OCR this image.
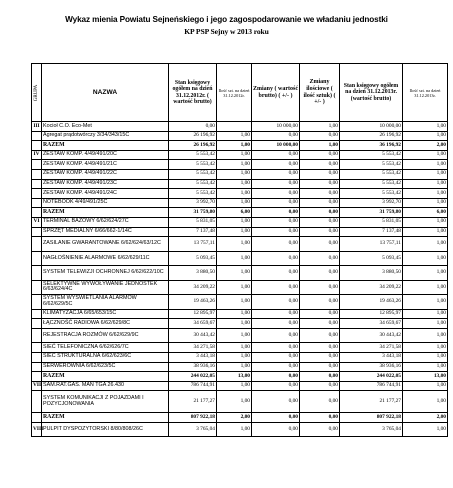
Wykaz mienia Powiatu Sejneńskiego i jego zagospodarowanie we władaniu jednostki
KP PSP Sejny w 2013 roku
GRUPA	NAZWA	Stan księgowy ogółem na dzień 31.12.2012r. ( wartość brutto)	Ilość szt. na dzień 31.12.2012r.	Zmiany ( wartość brutto) ( +/- )	Zmiany ilościowe ( ilość sztuk) ( +/- )	Stan księgowy ogółem na dzień 31.12.2013r. (wartość brutto)	Ilość szt. na dzień 31.12.2013r.
III	Kocioł C.O. Eco-Met	0,00		10 000,00	1,00	10 000,00	1,00
	Agregat prądotwórczy 3/34/343/15C	26 196,92	1,00	0,00	0,00	26 196,92	1,00
	RAZEM	26 196,92	1,00	10 000,00	1,00	36 196,92	2,00
IV	ZESTAW KOMP. 4/49/491/20C	5 553,42	1,00	0,00	0,00	5 553,42	1,00
	ZESTAW KOMP. 4/49/491/21C	5 553,42	1,00	0,00	0,00	5 553,42	1,00
	ZESTAW KOMP. 4/49/491/22C	5 553,42	1,00	0,00	0,00	5 553,42	1,00
	ZESTAW KOMP. 4/49/491/23C	5 553,42	1,00	0,00	0,00	5 553,42	1,00
	ZESTAW KOMP. 4/49/491/24C	5 553,42	1,00	0,00	0,00	5 553,42	1,00
	NOTEBOOK 4/49/491/25C	3 992,70	1,00	0,00	0,00	3 992,70	1,00
	RAZEM	31 759,80	6,00	0,00	0,00	31 759,80	6,00
VI	TERMINAL BAZOWY 6/62/624/27C	5 831,05	1,00	0,00	0,00	5 831,05	1,00
	SPRZĘT MEDIALNY 6/66/662-1/14C	7 137,48	1,00	0,00	0,00	7 137,48	1,00
	ZASILANIE GWARANTOWANE 6/62/624/63/12C	13 757,11	1,00	0,00	0,00	13 757,11	1,00
	NAGŁOŚNIENIE ALARMOWE 6/62/629/11C	5 093,45	1,00	0,00	0,00	5 093,45	1,00
	SYSTEM TELEWIZJI OCHRONNEJ 6/62/622/10C	3 880,50	1,00	0,00	0,00	3 880,50	1,00
	SELEKTYWNE WYWOŁYWANIE JEDNOSTEK 6/63/624/4C	34 209,22	1,00	0,00	0,00	34 209,22	1,00
	SYSTEM WYŚWIETLANIA ALARMÓW 6/62/629/5C	19 463,26	1,00	0,00	0,00	19 463,26	1,00
	KLIMATYZACJA 6/65/653/15C	12 895,97	1,00	0,00	0,00	12 895,97	1,00
	ŁĄCZNOŚĆ RADIOWA 6/62/629/8C	34 659,67	1,00	0,00	0,00	34 659,67	1,00
	REJESTRACJA ROZMÓW 6/62/629/9C	30 443,42	1,00	0,00	0,00	30 443,42	1,00
	SIEĆ TELEFONICZNA 6/62/626/7C	34 271,58	1,00	0,00	0,00	34 271,58	1,00
	SIEĆ STRUKTURALNA 6/62/623/6C	3 443,18	1,00	0,00	0,00	3 443,18	1,00
	SERWEROWNIA 6/62/623/5C	38 936,16	1,00	0,00	0,00	38 936,16	1,00
	RAZEM	244 022,05	13,00	0,00	0,00	244 022,05	13,00
VII	SAM.RAT.GAŚ. MAN TGA 26.430	786 744,91	1,00	0,00	0,00	786 744,91	1,00
	SYSTEM KOMUNIKACJI Z POJAZDAMI I POZYCJONOWANIA	21 177,27	1,00	0,00	0,00	21 177,27	1,00
	RAZEM	807 922,18	2,00	0,00	0,00	807 922,18	2,00
VIII	PULPIT DYSPOZYTORSKI 8/80/808/26C	3 765,04	1,00	0,00	0,00	3 765,04	1,00
